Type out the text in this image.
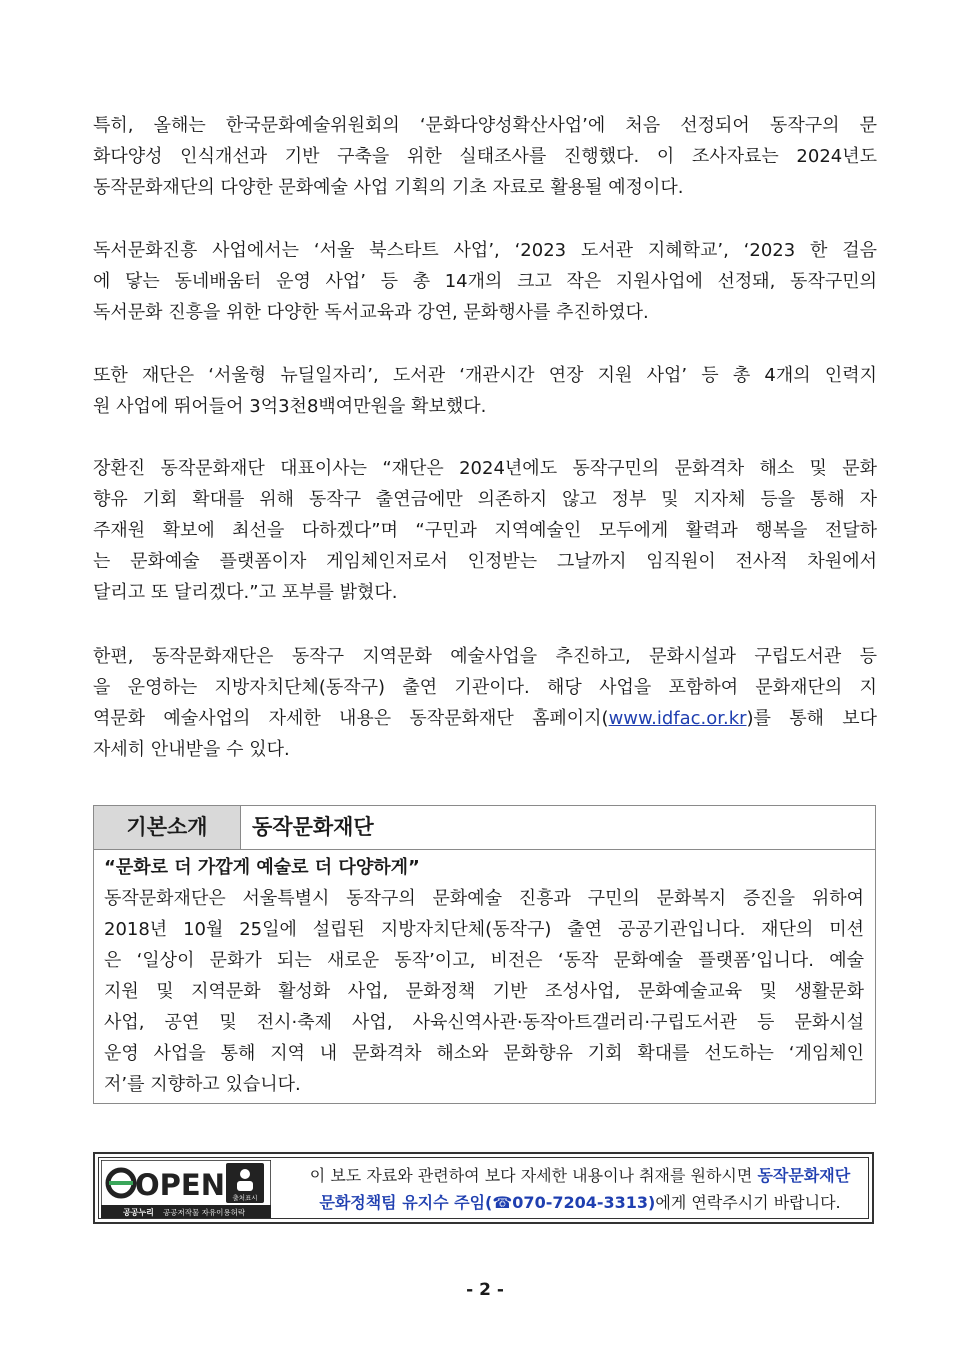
특히, 올해는 한국문화예술위원회의 ‘문화다양성확산사업’에 처음 선정되어 동작구의 문
화다양성 인식개선과 기반 구축을 위한 실태조사를 진행했다. 이 조사자료는 2024년도
동작문화재단의 다양한 문화예술 사업 기획의 기초 자료로 활용될 예정이다.
독서문화진흥 사업에서는 ‘서울 북스타트 사업’, ‘2023 도서관 지혜학교’, ‘2023 한 걸음
에 닿는 동네배움터 운영 사업’ 등 총 14개의 크고 작은 지원사업에 선정돼, 동작구민의
독서문화 진흥을 위한 다양한 독서교육과 강연, 문화행사를 추진하였다.
또한 재단은 ‘서울형 뉴딜일자리’, 도서관 ‘개관시간 연장 지원 사업’ 등 총 4개의 인력지
원 사업에 뛰어들어 3억3천8백여만원을 확보했다.
장환진 동작문화재단 대표이사는 “재단은 2024년에도 동작구민의 문화격차 해소 및 문화
향유 기회 확대를 위해 동작구 출연금에만 의존하지 않고 정부 및 지자체 등을 통해 자
주재원 확보에 최선을 다하겠다”며 “구민과 지역예술인 모두에게 활력과 행복을 전달하
는 문화예술 플랫폼이자 게임체인저로서 인정받는 그날까지 임직원이 전사적 차원에서
달리고 또 달리겠다.”고 포부를 밝혔다.
한편, 동작문화재단은 동작구 지역문화 예술사업을 추진하고, 문화시설과 구립도서관 등
을 운영하는 지방자치단체(동작구) 출연 기관이다. 해당 사업을 포함하여 문화재단의 지
역문화 예술사업의 자세한 내용은 동작문화재단 홈페이지(www.idfac.or.kr)를 통해 보다
자세히 안내받을 수 있다.
기본소개	동작문화재단
“문화로 더 가깝게 예술로 더 다양하게”
동작문화재단은 서울특별시 동작구의 문화예술 진흥과 구민의 문화복지 증진을 위하여
2018년 10월 25일에 설립된 지방자치단체(동작구) 출연 공공기관입니다. 재단의 미션
은 ‘일상이 문화가 되는 새로운 동작’이고, 비전은 ‘동작 문화예술 플랫폼’입니다. 예술
지원 및 지역문화 활성화 사업, 문화정책 기반 조성사업, 문화예술교육 및 생활문화
사업, 공연 및 전시·축제 사업, 사육신역사관·동작아트갤러리·구립도서관 등 문화시설
운영 사업을 통해 지역 내 문화격차 해소와 문화향유 기회 확대를 선도하는 ‘게임체인
저’를 지향하고 있습니다.
OPEN 출처표시
공공누리 공공저작물 자유이용허락
이 보도 자료와 관련하여 보다 자세한 내용이나 취재를 원하시면 동작문화재단
문화정책팀 유지수 주임(☎070-7204-3313)에게 연락주시기 바랍니다.
- 2 -
